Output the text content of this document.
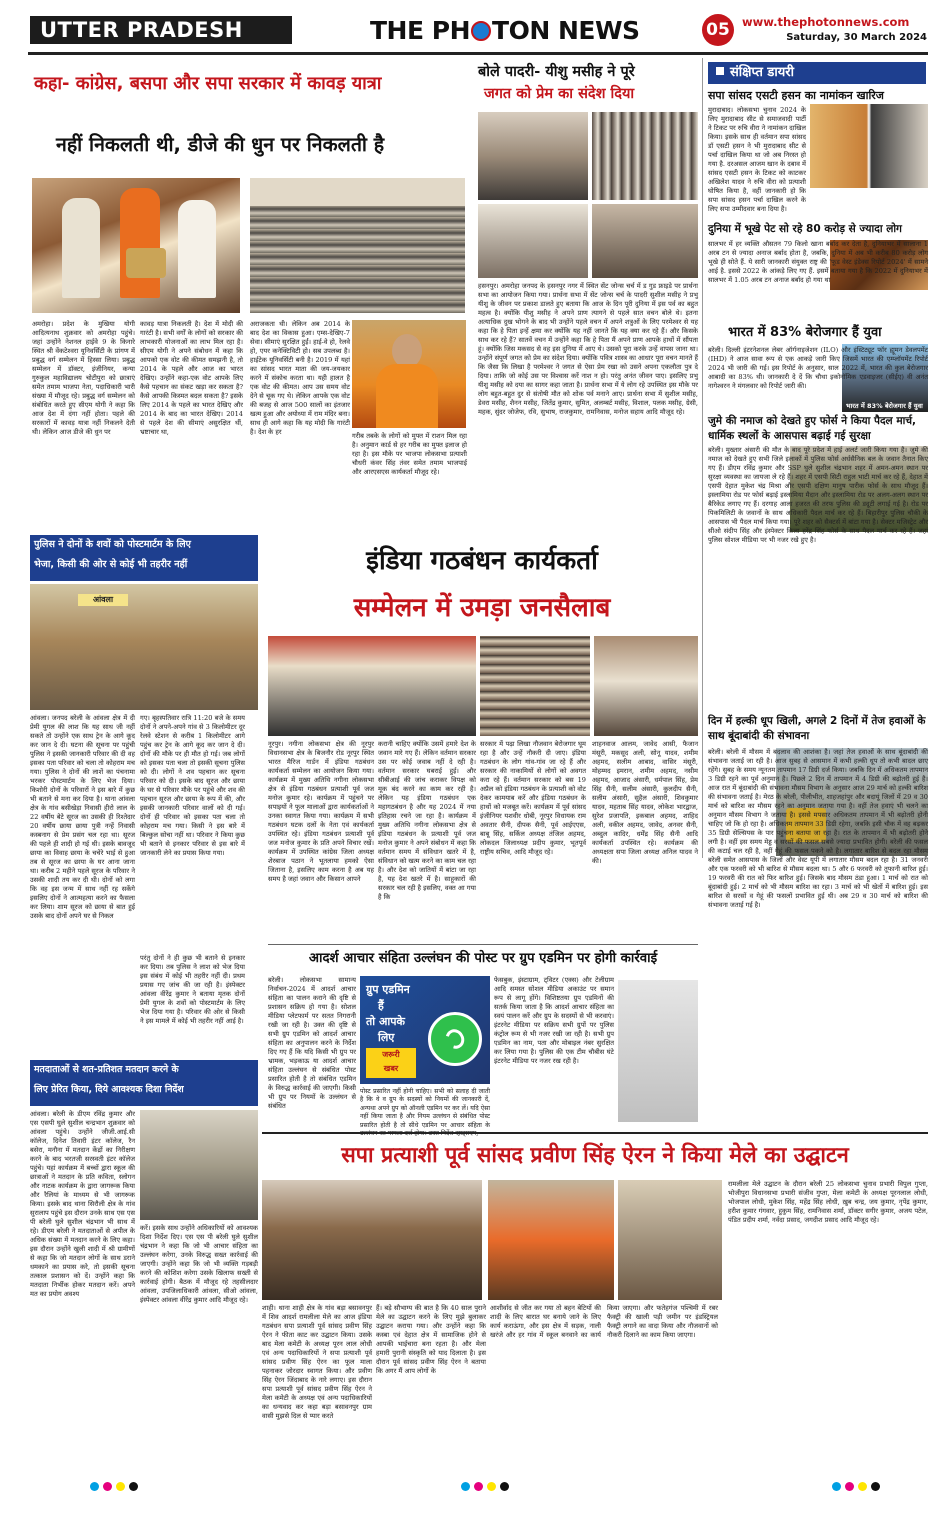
UTTER PRADESH	THE PH TON NEWS	05	www.thephotonnews.com
Saturday, 30 March 2024
कहा- कांग्रेस, बसपा और सपा सरकार में कावड़ यात्रा
नहीं निकलती थी, डीजे की धुन पर निकलती है
अमरोहा। प्रदेश के मुखिया योगी आदित्यनाथ शुक्रवार को अमरोहा पहुंचे। जहां उन्होंने नेशनल हाईवे 9 के किनारे स्थित श्री वेंकटेश्वरा यूनिवर्सिटी के प्रांगण में प्रबुद्ध वर्ग सम्मेलन में हिस्सा लिया। प्रबुद्ध सम्मेलन में डॉक्टर, इंजीनियर, कन्या गुरुकुल महाविद्यालय चोटीपुरा को छात्राएं समेत तमाम भाजपा नेता, पदाधिकारी भारी संख्या में मौजूद रहे। प्रबुद्ध वर्ग सम्मेलन को संबोधित करते हुए सीएम योगी ने कहा कि आज देश में दंगा नहीं होता। पहले की सरकारों में कावड़ यात्रा नहीं निकलने देती थी। लेकिन आज डीजे की धुन पर
कावड़ यात्रा निकलती है। देश में मोदी की गारंटी है। सभी वर्गों के लोगों को सरकार की लाभकारी योजनाओं का लाभ मिल रहा है। सीएम योगी ने अपने संबोधन में कहा कि आपको एक वोट की कीमत समझनी है, तो 2014 के पहले और आज का भारत देखिए। उन्होंने कहा-एक वोट आपके लिए कैसे पहचान का संकट खड़ा कर सकता है? कैसे आपकी किस्मत बदल सकता है? इसके लिए 2014 के पहले का भारत देखिए और 2014 के बाद का भारत देखिए। 2014 से पहले देश की सीमाएं असुरक्षित थीं, भ्रष्टाचार था,
अराजकता थी। लेकिन अब 2014 के बाद देश का विकास हुआ। एम्स-देखिए-7 सेवा। सीमाएं सुरक्षित हुईं। हाई-वे हो, रेलवे हो, एयर कनेक्टिविटी हो। सब उपलब्ध है। हाईटेक यूनिवर्सिटी बनी है। 2019 में यहां का सांसद भारत माता की जय-जयकार करने में संकोच करता था। यही हालत है एक वोट की कीमत। आप उस समय वोट देने से चूक गए थे। लेकिन आपके एक वोट की बजह से आज 500 सालों का इंतजार खत्म हुआ और अयोध्या में राम मंदिर बना। साथ ही आगे कहा कि यह मोदी कि गारंटी है। देश के हर	गरीब तबके के लोगों को मुफ्त में राशन मिल रहा है। अनुमान कार्ड से हर गरीब का मुफ्त इलाज हो रहा है। इस मौके पर भाजपा लोकसभा प्रत्याशी चौधरी कंवर सिंह तंवर समेत तमाम भाजपाई और आरएसएस कार्यकर्ता मौजूद रहे।
बोले पादरी- यीशु मसीह ने पूरे
जगत को प्रेम का संदेश दिया
हसनपुर। अमरोहा जनपद के हसनपुर नगर में स्थित सेंट जोन्स चर्च में ड गुड फ्राइडे पर प्रार्थना सभा का आयोजन किया गया। प्रार्थना सभा में सेंट जोन्स चर्च के पादरी सुशील मसीह ने प्रभु यीशु के जीवन पर प्रकाश डालते हुए बताया कि आज के दिन पूरी दुनिया में इस पर्व का बहुत महत्व है। क्योंकि यीशु मसीह ने अपने प्राण त्यागने से पहले सात वचन बोले थे। इतना अत्याधिक दुख भोगने के बाद भी उन्होंने पहले वचन में अपने शत्रुओं के लिए परमेश्वर से यह कहा कि हे पिता इन्हें क्षमा कर क्योंकि यह नहीं जानते कि यह क्या कर रहे हैं। और किसके साथ कर रहे हैं? सातवें वचन में उन्होंने कहा कि हे पिता मैं अपने प्राण आपके हाथों में सौंपता हूं। क्योंकि जिस मकसद से वह इस दुनिया में आए थे। उसको पूरा करके उन्हें वापस जाना था। उन्होंने संपूर्ण जगत को प्रेम का संदेश दिया। क्योंकि पवित्र शास्त्र का आधार पूरा वचन मानते हैं कि जैसा कि लिखा है परमेश्वर ने जगत से ऐसा प्रेम रखा को उसने अपना एकलौता पुत्र दे दिया। ताकि जो कोई उस पर विश्वास करें नाश न हो। परंतु अनंत जीवन पाए। इसलिए प्रभु यीशु मसीह को दया का सागर कहा जाता है। प्रार्थना सभा में ये लोग रहे उपस्थित इस मौके पर लोग बहुत-बहुत दुर से संतोषी मौत को शोक पर्व मनाने आए। प्रार्थना सभा में सुशील मसीह, डेवरा मसीह, शैनन मसीह, जितेंद्र कुमार, सुमित, अलम्बर्ट मसीह, विशाल, पलक मसीह, ग्रेसी, महक, सुंदर जोजेफ, रवि, सुभाष, राजकुमार, रामनिवास, मनोज सहाय आदि मौजूद रहे।
संक्षिप्त डायरी
सपा सांसद एसटी हसन का नामांकन खारिज
मुरादाबाद। लोकसभा चुनाव 2024 के लिए मुरादाबाद सीट से समाजवादी पार्टी ने टिकट पर रुचि वीरा ने नामांकन दाखिल किया। इसके साथ ही वर्तमान सपा सांसद डॉ एसटी हसन ने भी मुरादाबाद सीट से पर्चा दाखिल किया था जो अब निरस्त हो गया है. दरअसल आजम खान के दबाव में सांसद एसटी हसन के टिकट को काटकर अखिलेश यादव ने रुचि वीरा को प्रत्याशी घोषित किया है, वहीं जानकारी हो कि सपा सांसद हसन पर्चा दाखिल करने के लिए सपा उम्मीदवार बना दिया है।
दुनिया में भूखे पेट सो रहे 80 करोड़ से ज्यादा लोग
सालभर में हर व्यक्ति औसतन 79 किलो खाना बर्बाद कर देता है, दुनियाभर में सालाना 1 अरब टन से ज्यादा अनाज बर्बाद होता है, जबकि, दुनिया में अब भी करीब 80 करोड़ लोग भूखे ही सोते हैं. ये सारी जानकारी संयुक्त राष्ट्र की 'फूड वेस्ट इंडेक्स रिपोर्ट 2024' में सामने आई है. इससे 2022 के आंकड़े लिए गए हैं. इसमें बताया गया है कि 2022 में दुनियाभर में सालभर में 1.05 अरब टन अनाज बर्बाद हो गया था
भारत में 83% बेरोजगार हैं युवा
भारत में 83% बेरोजगार हैं युवा
बरेली। दिल्ली इंटरनेशनल लेबर ऑर्गनाइजेशन (ILO) और इंस्टिट्यूट फॉर ह्यूमन डेवलपमेंट (IHD) ने आज सावा रूप से एक आकड़े जारी किए जिसमें भारत की एम्प्लॉयमेंट रिपोर्ट 2024 भी जारी की गई। इस रिपोर्ट के अनुसार, साल 2022 में, भारत की कुल बेरोजगार आबादी का 83% थी। जानकारी दे दें कि चौथा इकोनॉमिक एडवाइजर (सीईए) वी अनंत नागेश्वरन ने मंगलवार को रिपोर्ट जारी की।
जुमे की नमाज को देखते हुए फोर्स ने किया पैदल मार्च, धार्मिक स्थलों के आसपास बढ़ाई गई सुरक्षा
बरेली। मुख्तार अंसारी की मौत के बाद पूरे प्रदेश में हाई अलर्ट जारी किया गया है। जुमे की नमाज को देखते हुए सभी जिले इलाकों में पुलिस फोर्स अर्धसैनिक बल के जवान तैनात किए गए हैं। डीएम रविंद्र कुमार और SSP घुले सुशील चंद्रभान शहर में अमन-अमन स्थान पर सुरक्षा व्यवस्था का जायजा ले रहे हैं। शहर में एसपी सिटी राहुल भाटी मार्च कर रहे हैं, देहात में एसपी देहात मुकेश चंद्र मिश्रा और एसपी दक्षिण मानुष पारीक फोर्स के साथ मौजूद हैं। इस्लामिया रोड पर फोर्स बढ़ाई इस्लामिया मैदान और इस्लामिया रोड पर अलग-अलग स्थान पर बैरिकेड लगाए गए हैं। दरगाह आला हजरत की तरफ पुलिस की ड्यूटी लगाई गई है। रोड पर पिकमिलिटी के जवानों के साथ अधिकारी पैदल मार्च कर रहे हैं। बिहारीपुर पुलिस चौकी के आसपास भी पैदल मार्च किया गया। पूरे शहर को सैक्टर्स में बांटा गया है। सेक्टर मजिस्ट्रेट और सीओ संदीप सिंह और इंस्पेक्टर किला हरेंद्र सिंह फोर्स के साथ पैदल मार्च कर रहे हैं। जहां पुलिस सोशल मीडिया पर भी नजर रखे हुए है।
दिन में हल्की धूप खिली, अगले 2 दिनों में तेज हवाओं के साथ बूंदाबांदी की संभावना
बरेली। बरेली में मौसम में बदलाव की आशंका है। जहां तेज हवाओं के साथ बूंदाबांदी की संभावना जताई जा रही है। आज सुबह से आसमान में कभी हल्की धूप तो कभी बादल छाए रहेंगे। सुबह के समय न्यूनतम तापमान 17 डिग्री दर्ज किया। जबकि दिन में अधिकतम तापमान 3 डिग्री रहने का पूर्व अनुमान है। पिछले 2 दिन में तापमान में 4 डिग्री की बढ़ोतरी हुई है। आज रात में बूंदाबांदी की संभावना मौसम विभाग के अनुसार आज 29 मार्च को हल्की बारिश की संभावना जताई है। मेरठ के बरेली, पीलीभीत, शाहजहांपुर और बदायूं जिलों में 29 व 30 मार्च को बारिश का मौसम रहने का अनुमान जताया गया है। वहीं तेज हवाएं भी चलने का अनुमान मौसम विभाग ने जताया है। इससे मपसार अधिकतम तापमान में भी बढ़ोतरी होनी चाहिए जो कि हो रहा है। अधिकतम तापमान 33 डिग्री रहेगा, जबकि इसी चौक में वह बढ़कर 35 डिग्री सेल्सियस के पार पहुंचना बताया जा रहा है। रात के तापमान में भी बढ़ोतरी होने लगी है। वहीं इस समय मेड्ड व सरसों की फसल सबसे ज्यादा प्रभावित होगी। बरेली की फसल की कटाई चल रही है, वहीं गेहूं की फसल पकने को है। लगातार बारिश से बदल रहा मौसम बरेली समेत आसपास के जिलों और वेस्ट यूपी में लगातार मौसम बदल रहा है। 31 जनवरी और एक फरवरी को भी बारिश से मौसम बदला था। 5 और 6 फरवरी को तूफानी बारिश हुई। 19 फरवरी की रात को फिर बारिश हुई। जिसके बाद मौसम ठंडा हुआ। 1 मार्च को रात को बूंदाबांदी हुई। 2 मार्च को भी मौसम बारिश का रहा। 3 मार्च को भी खेतों में बारिश हुई। इस बारिश से सरसों व गेहूं की फसलों प्रभावित हुई थी। अब 29 व 30 मार्च को बारिश की संभावना जताई गई है।
पुलिस ने दोनों के शवों को पोस्टमार्टम के लिए
भेजा, किसी की ओर से कोई भी तहरीर नहीं
आंवला
आंवला। जनपद बरेली के आंवला क्षेत्र में दी प्रेमी युगल की लाश कि यह साथ जी नहीं सकते तो उन्होंने एक साथ ट्रेन के आगे कूद कर जान दे दी। घटना की सूचना पर पहुंची पुलिस ने इसकी जानकारी परिवार की दी वह इसका पता परिवार को चला तो कोहराम मच गया। पुलिस ने दोनों की लाशें का पंचनामा भरकर पोस्टमार्टम के लिए भेज दिया। किशोरी दोनों के परिवारों ने इस बारे में कुछ भी बताने से मना कर दिया है। थाना आंवला क्षेत्र के गांव बसीखेड़ा निवासी हीरो लाल के 22 वर्षीय बेटे सूरज का उसकी ही रिश्तेदार 20 वर्षीय छाया छाया पुत्री नन्हें निवासी कस्बनाग से प्रेम प्रसंग चल रहा था। सूरज की पहले ही शादी हो गई थी। इसके बावजूद छाया का विवाह छाया के चचेरे भाई से हुआ तब से सूरज का छाया के घर आना जाना था। करीब 2 महीने पहले सूरज के परिवार ने उसकी शादी तय कर दी थी। दोनों को लगा कि वह इस जन्म में साथ नहीं रह सकेंगे इसलिए दोनों ने आत्महत्या करने का फैसला कर लिया। शाम सूरज को छाया से बात हुई उसके बाद दोनों अपने घर से निकल
गए। बृहस्पतिवार रात्रि 11:20 बजे के समय दोनों ने अपने-अपने गांव से 3 किलोमीटर दूर रेलवे स्टेशन से करीब 1 किलोमीटर आगे पहुंच कर ट्रेन के आगे कूद कर जान दे दी। दोनों की मौके पर ही मौत हो गई। जब लोगों को इसका पता चला तो इसकी सूचना पुलिस को दी। लोगों ने शव पहचान कर सूचना परिवार को दी। इसके बाद सूरज और छाया के घर से परिवार मौके पर पहुंचे और शव की पहचान सूरज और छाया के रूप में की, और इसकी जानकारी परिवार वालों को दी गई। दोनों ही परिवार को इसका पता चला तो कोहराम मच गया। किसी ने इस बारे में बिल्कुल सोचा नहीं था। परिवार ने किया कुछ भी बताने से इनकार परिवार से इस बारे में जानकारी लेने का प्रयास किया गया।
परंतु दोनों ने ही कुछ भी बताने से इनकार कर दिया। तब पुलिस ने लाश को भेज दिया इस संबंध में कोई भी तहरीर नहीं दी। प्रथम प्रयास गए जांच की जा रही है। इंस्पेक्टर आंवला वीरेंद्र कुमार ने बताया मृतक दोनों प्रेमी युगल के शवों को पोस्टमार्टम के लिए भेज दिया गया है। परिवार की ओर से किसी ने इस मामले में कोई भी तहरीर नहीं आई है।
इंडिया गठबंधन कार्यकर्ता
सम्मेलन में उमड़ा जनसैलाब
नूरपुर। नगीना लोकसभा क्षेत्र की नूरपुर विधानसभा क्षेत्र के बिजनौर रोड नूरपुर स्थित भारत मैरिज गार्डन में इंडिया गठबंधन कार्यकर्ता सम्मेलन का आयोजन किया गया। कार्यक्रम में मुख्य अतिथि नगीना लोकसभा क्षेत्र से इंडिया गठबंधन प्रत्याशी पूर्व जज मनोज कुमार रहे। कार्यक्रम में पहुंचने पर सपाइयों ने फूल मालाओं द्वारा कार्यकर्ताओं ने उनका स्वागत किया गया। कार्यक्रम में सभी गठबंधन घटक दलों के नेता एवं कार्यकर्ता उपस्थित रहे। इंडिया गठबंधन प्रत्याशी पूर्व जज मनोज कुमार के प्रति अपने विचार रखें। कार्यक्रम में उपस्थित कांग्रेस जिला अध्यक्ष शेरबाज पठान ने भूतलाया हमको ऐसा जिताना है, इसलिए काम करना है अब यह समय है जहां जवान और किसान आपने
करानी चाहिए क्योंकि उसमें हमारे देश के जवान मारे गए हैं। लेकिन वर्तमान सरकार उस पर कोई जवाब नहीं दे रही है। वर्तमान सरकार घबराई हुई। और सीबीआई की जांच कराकर विपक्ष को मूक बंद करने का काम कर रही है। लेकिन यह इंडिया गठबंधन एक महागठबंधन है और यह 2024 में नया इतिहास रचने जा रहा है। कार्यक्रम में मुख्य अतिथि नगीना लोकसभा क्षेत्र से इंडिया गठबंधन के प्रत्याशी पूर्व जज मनोज कुमार ने अपने संबोधन में कहा कि वर्तमान समय में संविधान खतरे में है, संविधान को खत्म करने का काम चल रहा है। और देश को जातियों में बांटा जा रहा है, यह देश खतरे में है। साहूकारों की सरकार चल रही है इसलिए, वक्त आ गया है कि
सरकार में पढ़ा लिखा नौजवान बेरोजगार घूम रहा है और उन्हें नौकरी दी जाए। इंडिया गठबंधन के लोग गांव-गांव जा रहे हैं और सरकार की नाकामियों से लोगों को अवगत करा रहे हैं। वर्तमान सरकार को बस 19 अप्रैल को इंडिया गठबंधन के प्रत्याशी को वोट देकर कामयाब करें और इंडिया गठबंधन के हाथों को मजबूत करें। कार्यक्रम में पूर्व सांसद इंजीनियर यशवीर धोबी, नूरपुर विधायक राम अवतार सैनी, दीपक सैनी, पूर्व आईएएस, बाबू सिंह, सर्किल अध्यक्ष तंजिल अहमद, लोकदल जिलाध्यक्ष प्रदीप कुमार, भूतपूर्व राष्ट्रीय सचिव, आदि मौजूद रहे।
शाहनवाज आलम, जावेद आसी, फैजान मंसूरी, मकसूद अली, सोनू यादव, शमीम अहमद, सलीम आबाद, वासिर मंसूरी, मोहम्मद इमरान, शमीम अहमद, नसीम अहमद, आजाद अंसारी, धर्मपाल सिंह, प्रेम सिंह सैनी, सलीम अंसारी, कुलदीप सैनी, सलीम अंसारी, सुहैल अंसारी, शिवकुमार यादव, महताब सिंह यादव, लोकेश भारद्वाज, सुरेश प्रजापति, इकबाल अहमद, शाहिद अली, वकील अहमद, जावेद, अनवर सैनी, अब्दुल कादिर, धर्मेंद्र सिंह सैनी आदि कार्यकर्ता उपस्थित रहे। कार्यक्रम की अध्यक्षता सपा जिला अध्यक्ष अनिल यादव ने की।
आदर्श आचार संहिता उल्लंघन की पोस्ट पर ग्रुप एडमिन पर होगी कार्रवाई
बरेली। लोकसभा सामान्य निर्वाचन-2024 में आदर्श आचार संहिता का पालन कराने की दृष्टि से प्रशासन सक्रिय हो गया है। सोशल मीडिया प्लेटफार्म पर सतत निगरानी रखी जा रही है। उक्त की दृष्टि से सभी ग्रुप एडमिन को आदर्श आचार संहिता का अनुपालन करने के निर्देश दिए गए हैं कि यदि किसी भी ग्रुप पर भ्रामक, भड़काऊ या आदर्श आचार संहिता उल्लंघन से संबंधित पोस्ट प्रसारित होती है तो संबंधित एडमिन के विरुद्ध कार्रवाई की जाएगी। किसी भी ग्रुप पर नियमों के उल्लंघन से संबंधित
ग्रुप एडमिन
हैं
तो आपके
लिए
जरूरी
खबर
पोस्ट प्रसारित नहीं होनी चाहिए। सभी को सलाह दी जाती है कि वे व ग्रुप के सदस्यों को नियमों की जानकारी दें, अन्यथा अपने ग्रुप को ऑनली एडमिन पर कर लें। यदि ऐसा नहीं किया जाता है और नियम उल्लंघन से संबंधित पोस्ट प्रसारित होती है तो सीधे एडमिन पर आचार संहिता के
फेसबुक, इंस्टाग्राम, ट्विटर (एक्स) और टेलीग्राम आदि समस्त सोशल मीडिया अकाउंट पर समान रूप से लागू होंगे। विशिष्टतया ग्रुप एडमिनों की सतर्क किया जाता है कि आदर्श आचार संहिता का स्वयं पालन करें और ग्रुप के सदस्यों से भी करवाएं। इंटरनेट मीडिया पर सक्रिय सभी ग्रुपों पर पुलिस कंट्रोल रूम से भी नजर रखी जा रही है। सभी ग्रुप एडमिन का नाम, पता और मोबाइल नंबर सुरक्षित कर लिया गया है। पुलिस की एक टीम चौबीस घंटे इंटरनेट मीडिया पर नजर रख रही है।
मतदाताओं से शत-प्रतिशत मतदान करने के
लिए प्रेरित किया, दिये आवश्यक दिशा निर्देश
आंवला। बरेली के डीएम रविंद्र कुमार और एस एसपी घुले सुशील चन्द्रभान शुक्रवार को आंवला पहुंचे। उन्होंने जीजी.आई.सी कॉलेज, दिनेश तिवारी इंटर कॉलेज, रैन बसेरा, मनौना में मतदान केंद्रों का निरीक्षण करने के बाद भरतजी सरस्वती इंटर कॉलेज पहुंचे। यहां कार्यक्रम में बच्चों द्वारा स्कूल की छात्राओं ने मतदान के प्रति कविता, स्लोगन और नाटक कार्यक्रम के द्वारा जागरूक किया और रैलियां के माध्यम से भी जागरूक किया। इसके बाद थाना सिरौली क्षेत्र के गांव सुरालाप पहुंचे इस दौरान उनके साथ एस एस पी बरेली घुले सुशील चंद्रभान भी साथ में रहे। डीएम बरेली ने मतदाताओं से अपील के अधिक संख्या में मतदान करने के लिए कहा। इस दौरान उन्होंने खुली शादी में श्री ग्रामीणों से कहा कि जो मतदान लोगों के साथ डराने धमकाने का प्रयास करे, तो इसकी सूचना तत्काल प्रशासन को दें। उन्होंने कहा कि मतदाता निर्भीक होकर मतदान करें। अपने मत का प्रयोग अवश्य
करें। इसके साथ उन्होंने अधिकारियों को आवश्यक दिशा निर्देश दिए। एस एस पी बरेली घुले सुशील चंद्रभान ने कहा कि जो भी आचार संहिता का उल्लंघन करेगा, उनके विरुद्ध सख्त कार्रवाई की जाएगी। उन्होंने कहा कि जो भी व्यक्ति गड़बड़ी करने की कोशिश करेगा उसके खिलाफ सख्ती से कार्रवाई होगी। बैठक में मौजूद रहे तहसीलदार आंवला, उपजिलाधिकारी आंवला, सीओ आंवला, इंस्पेक्टर आंवला वीरेंद्र कुमार आदि मौजूद रहे।
सपा प्रत्याशी पूर्व सांसद प्रवीण सिंह ऐरन ने किया मेले का उद्घाटन
शाही। थाना शाही क्षेत्र के गांव बड़ा बसावनपुर में शिव आदर्श रामलीला मेले का आज इंडिया गठबंधन सपा प्रत्याशी पूर्व सांसद प्रवीण सिंह ऐरन ने फीता काट कर उद्घाटन किया। उसके बाद मेला कमेटी के अध्यक्ष पूरन लाल लोधी एवं अन्य पदाधिकारियों ने सपा प्रत्याशी पूर्व सांसद प्रवीण सिंह ऐरन का फूल माला पहनाकर जोरदार स्वागत किया। और प्रवीण सिंह ऐरन जिंदाबाद के नारे लगाए। इस दौरान सपा प्रत्याशी पूर्व सांसद प्रवीण सिंह ऐरन ने मेला कमेटी के अध्यक्ष एवं अन्य पदाधिकारियों का धन्यवाद कर कहा बड़ा बसावनपुर ग्राम वासी मुझसे दिल से प्यार करते
हैं। बड़े सौभाग्य की बात है कि 40 साल पुराने मेले का उद्घाटन करने के लिए मुझे बुलाकर उद्घाटन कराया गया। और उन्होंने कहा कि कस्बा एवं देहात क्षेत्र में सामाजिक होने से आपकी भाईचारा बना रहता है। और मेला हमारी पुरानी संस्कृति को याद दिलाता है। इस दौरान पूर्व सांसद प्रवीण सिंह ऐरन ने बताया कि अगर मैं आप लोगों के
आशीर्वाद से जीत कर गया तो बहन बेटियों की शादी के लिए बारात घर बनाये जाने के लिए कार्य कराऊंगा, और इस क्षेत्र में सड़क, नाली खरंजे और हर गांव में स्कूल बनवाने का कार्य किया जाएगा। और फतेहगंज पश्चिमी में रबर फैक्ट्री की खाली पड़ी जमीन पर इंडस्ट्रियल फैक्ट्री लगाने का वादा किया और नौजवानों को नौकरी दिलाने का काम किया जाएगा।
रामलीला मेले उद्घाटन के दौरान बरेली 25 लोकसभा चुनाव प्रभारी विपुल गुप्ता, भोजीपुरा विधानसभा प्रभारी संजीव गुप्ता, मेला कमेटी के अध्यक्ष पूरनलाल लोधी, भोजपाल लोधी, मुकेश सिंह, महेंद्र सिंह लोधी, ख़ुब चन्द्र, जय कुमार, नृपेंद्र कुमार, हरीश कुमार गंगवार, हुकुम सिंह, रामनिवास शर्मा, डॉक्टर सगीर कुमार, अजय पटेल, पंडित प्रदीप शर्मा, नर्वदा प्रसाद, जगदीश प्रसाद आदि मौजूद रहे।
